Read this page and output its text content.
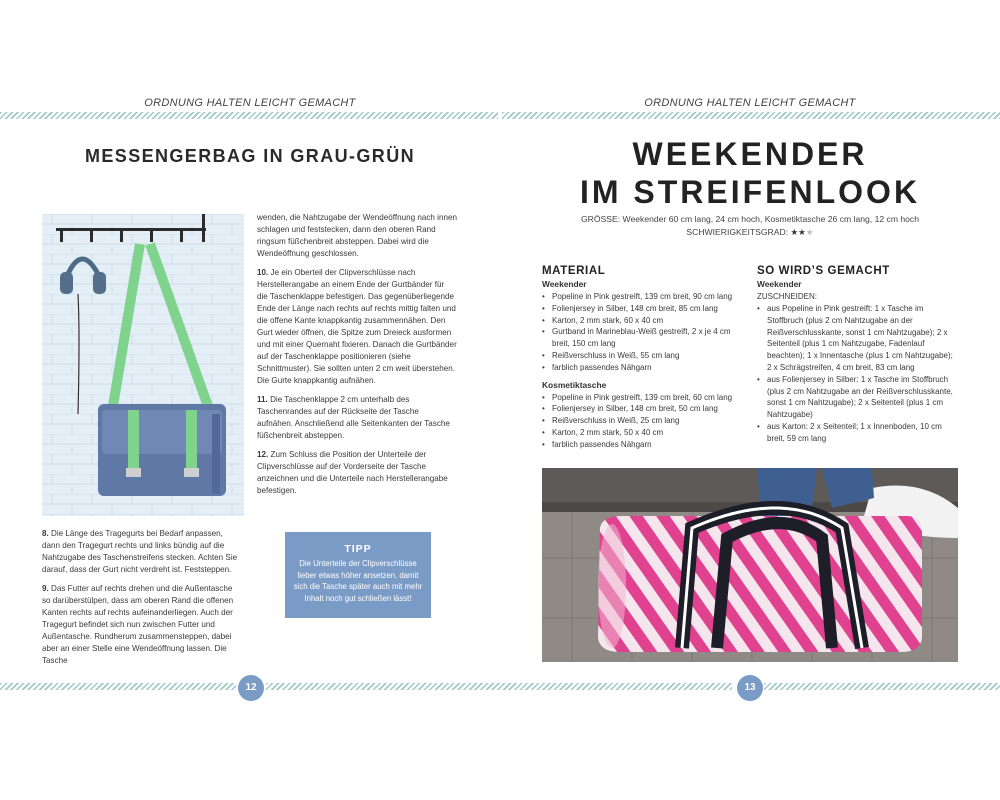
ORDNUNG HALTEN LEICHT GEMACHT	ORDNUNG HALTEN LEICHT GEMACHT
MESSENGERBAG IN GRAU-GRÜN

wenden, die Nahtzugabe der Wendeöffnung nach innen schlagen und feststecken, dann den oberen Rand ringsum füßchenbreit absteppen. Dabei wird die Wendeöffnung geschlossen.

10. Je ein Oberteil der Clipverschlüsse nach Herstellerangabe an einem Ende der Gurtbänder für die Taschenklappe befestigen. Das gegenüberliegende Ende der Länge nach rechts auf rechts mittig falten und die offene Kante knappkantig zusammennähen. Den Gurt wieder öffnen, die Spitze zum Dreieck ausformen und mit einer Quernaht fixieren. Danach die Gurtbänder auf der Taschenklappe positionieren (siehe Schnittmuster). Sie sollten unten 2 cm weit überstehen. Die Gurte knappkantig aufnähen.

11. Die Taschenklappe 2 cm unterhalb des Taschenrandes auf der Rückseite der Tasche aufnähen. Anschließend alle Seitenkanten der Tasche füßchenbreit absteppen.

12. Zum Schluss die Position der Unterteile der Clipverschlüsse auf der Vorderseite der Tasche anzeichnen und die Unterteile nach Herstellerangabe befestigen.

8. Die Länge des Tragegurts bei Bedarf anpassen, dann den Tragegurt rechts und links bündig auf die Nahtzugabe des Taschenstreifens stecken. Achten Sie darauf, dass der Gurt nicht verdreht ist. Feststeppen.

9. Das Futter auf rechts drehen und die Außentasche so darüberstülpen, dass am oberen Rand die offenen Kanten rechts auf rechts aufeinanderliegen. Auch der Tragegurt befindet sich nun zwischen Futter und Außentasche. Rundherum zusammensteppen, dabei aber an einer Stelle eine Wendeöffnung lassen. Die Tasche

TIPP
Die Unterteile der Clipverschlüsse lieber etwas höher ansetzen, damit sich die Tasche später auch mit mehr Inhalt noch gut schließen lässt!
12
WEEKENDER
IM STREIFENLOOK
GRÖSSE: Weekender 60 cm lang, 24 cm hoch, Kosmetiktasche 26 cm lang, 12 cm hoch
SCHWIERIGKEITSGRAD: ★★★
MATERIAL
Weekender
• Popeline in Pink gestreift, 139 cm breit, 90 cm lang
• Folienjersey in Silber, 148 cm breit, 85 cm lang
• Karton, 2 mm stark, 60 x 40 cm
• Gurtband in Marineblau-Weiß gestreift, 2 x je 4 cm breit, 150 cm lang
• Reißverschluss in Weiß, 55 cm lang
• farblich passendes Nähgarn
Kosmetiktasche
• Popeline in Pink gestreift, 139 cm breit, 60 cm lang
• Folienjersey in Silber, 148 cm breit, 50 cm lang
• Reißverschluss in Weiß, 25 cm lang
• Karton, 2 mm stark, 50 x 40 cm
• farblich passendes Nähgarn
SO WIRD’S GEMACHT
Weekender
ZUSCHNEIDEN:
• aus Popeline in Pink gestreift: 1 x Tasche im Stoffbruch (plus 2 cm Nahtzugabe an der Reißverschlusskante, sonst 1 cm Nahtzugabe); 2 x Seitenteil (plus 1 cm Nahtzugabe, Fadenlauf beachten); 1 x Innentasche (plus 1 cm Nahtzugabe); 2 x Schrägstreifen, 4 cm breit, 83 cm lang
• aus Folienjersey in Silber: 1 x Tasche im Stoffbruch (plus 2 cm Nahtzugabe an der Reißverschlusskante, sonst 1 cm Nahtzugabe); 2 x Seitenteil (plus 1 cm Nahtzugabe)
• aus Karton: 2 x Seitenteil; 1 x Innenboden, 10 cm breit, 59 cm lang
13
